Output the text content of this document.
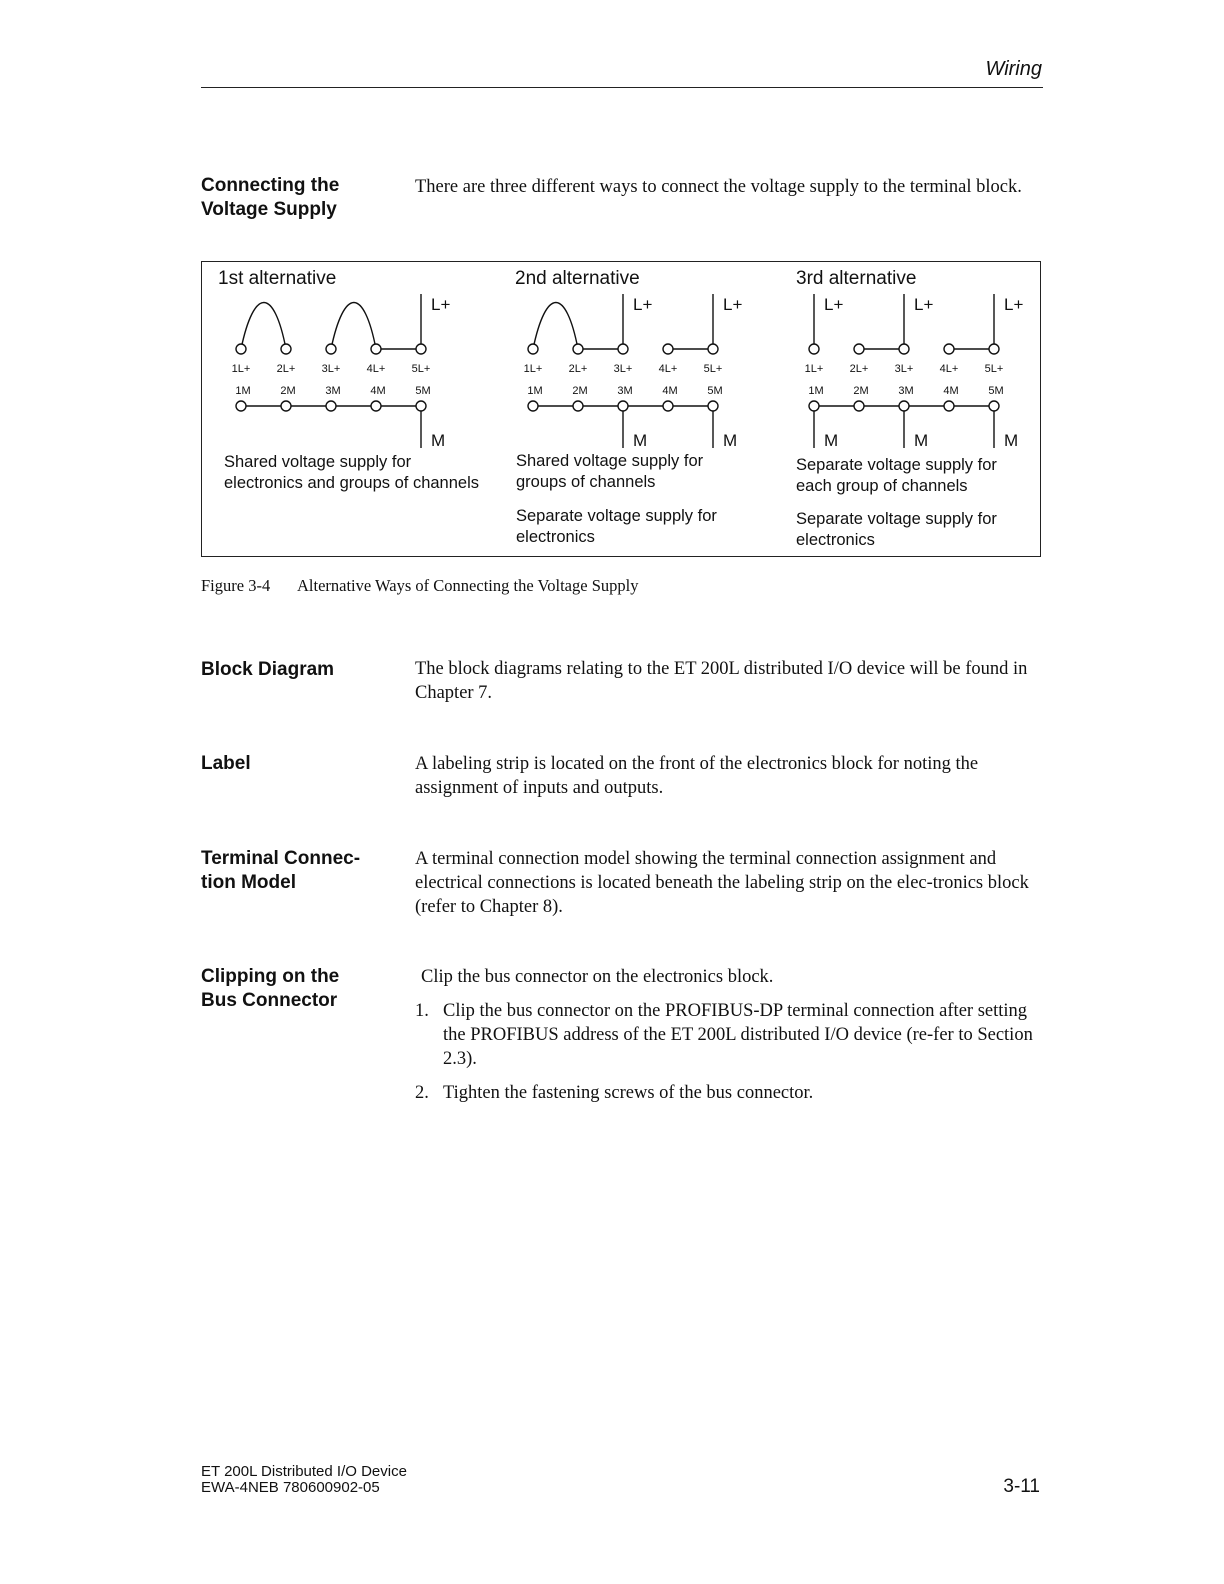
Wiring
Connecting the
Voltage Supply
There are three different ways to connect the voltage supply to the terminal block.
1st alternative	2nd alternative	3rd alternative
1L+
1M
2L+
2M
3L+
3M
4L+
4M
5L+
5M
1L+
1M
2L+
2M
3L+
3M
4L+
4M
5L+
5M
1L+
1M
2L+
2M
3L+
3M
4L+
4M
5L+
5M
L+	L+	L+	L+	L+	L+
M	M	M	M	M	M
Shared voltage supply for electronics and groups of channels
Shared voltage supply for groups of channels
Separate voltage supply for electronics
Separate voltage supply for each group of channels
Separate voltage supply for electronics
Figure 3-4 Alternative Ways of Connecting the Voltage Supply
Block Diagram	The block diagrams relating to the ET 200L distributed I/O device will be found in Chapter 7.
Label	A labeling strip is located on the front of the electronics block for noting the assignment of inputs and outputs.
Terminal Connec-
tion Model
A terminal connection model showing the terminal connection assignment and electrical connections is located beneath the labeling strip on the elec-tronics block (refer to Chapter 8).
Clipping on the
Bus Connector
Clip the bus connector on the electronics block.
1. Clip the bus connector on the PROFIBUS-DP terminal connection after setting the PROFIBUS address of the ET 200L distributed I/O device (re-fer to Section 2.3).
2. Tighten the fastening screws of the bus connector.
ET 200L Distributed I/O Device
EWA-4NEB 780600902-05	3-11
